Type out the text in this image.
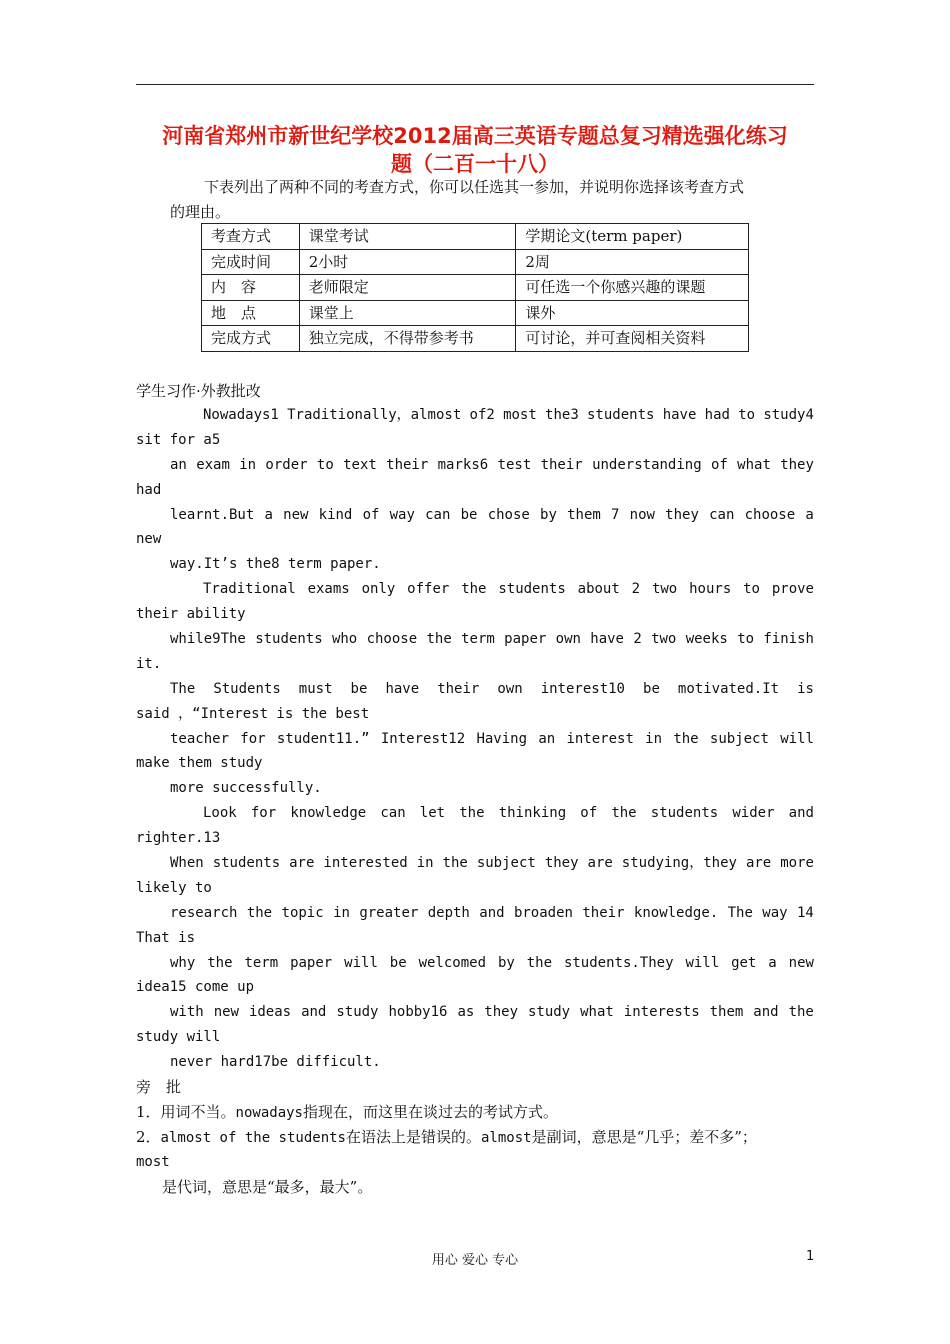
河南省郑州市新世纪学校2012届高三英语专题总复习精选强化练习
题（二百一十八）
下表列出了两种不同的考查方式，你可以任选其一参加，并说明你选择该考查方式
的理由。
考查方式	课堂考试	学期论文(term paper)
完成时间	2小时	2周
内　容	老师限定	可任选一个你感兴趣的课题
地　点	课堂上	课外
完成方式	独立完成，不得带参考书	可讨论，并可查阅相关资料
学生习作·外教批改
Nowadays1 Traditionally，almost of2 most the3 students have had to study4
sit for a5
an exam in order to text their marks6 test their understanding of what they
had
learnt.But a new kind of way can be chose by them 7 now they can choose a
new
way.It’s the8 term paper.
Traditional exams only offer the students about 2 two hours to prove
their ability
while9The students who choose the term paper own have 2 two weeks to finish
it.
The Students must be have their own interest10 be motivated.It is
said ，“Interest is the best
teacher for student11.” Interest12 Having an interest in the subject will
make them study
more successfully.
Look for knowledge can let the thinking of the students wider and
righter.13
When students are interested in the subject they are studying，they are more
likely to
research the topic in greater depth and broaden their knowledge. The way 14
That is
why the term paper will be welcomed by the students.They will get a new
idea15 come up
with new ideas and study hobby16 as they study what interests them and the
study will
never hard17be difficult.
旁　批
1．用词不当。nowadays指现在，而这里在谈过去的考试方式。
2．almost of the students在语法上是错误的。almost是副词，意思是“几乎；差不多”；
most
是代词，意思是“最多，最大”。
用心 爱心 专心	1
